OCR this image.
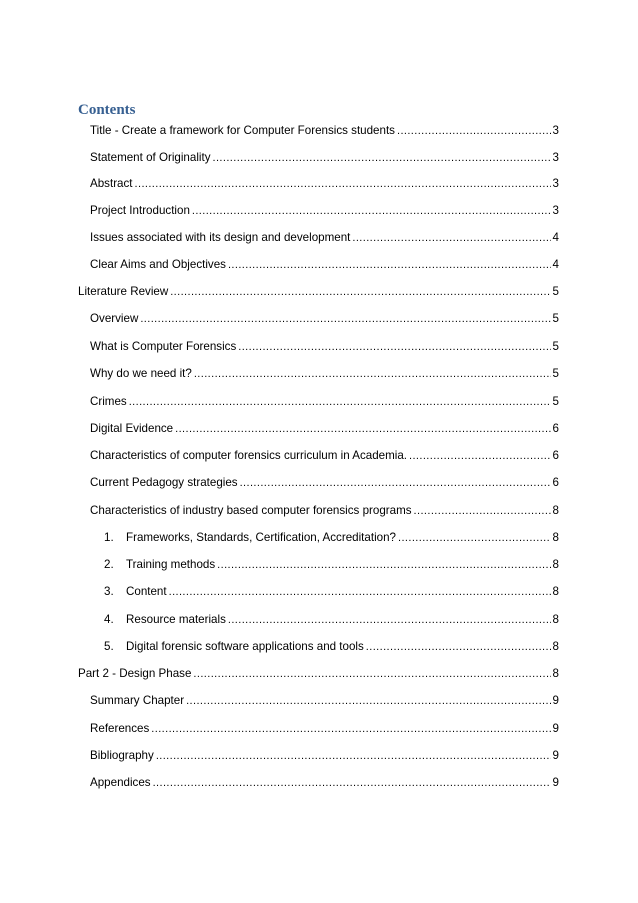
Contents
Title - Create a framework for Computer Forensics students .....	3
Statement of Originality .....	3
Abstract .....	3
Project Introduction .....	3
Issues associated with its design and development .....	4
Clear Aims and Objectives .....	4
Literature Review .....	5
Overview .....	5
What is Computer Forensics .....	5
Why do we need it? .....	5
Crimes .....	5
Digital Evidence .....	6
Characteristics of computer forensics curriculum in Academia. .....	6
Current Pedagogy strategies .....	6
Characteristics of industry based computer forensics programs .....	8
1.	Frameworks, Standards, Certification, Accreditation? .....	8
2.	Training methods .....	8
3.	Content .....	8
4.	Resource materials .....	8
5.	Digital forensic software applications and tools .....	8
Part 2 - Design Phase .....	8
Summary Chapter .....	9
References .....	9
Bibliography .....	9
Appendices .....	9
